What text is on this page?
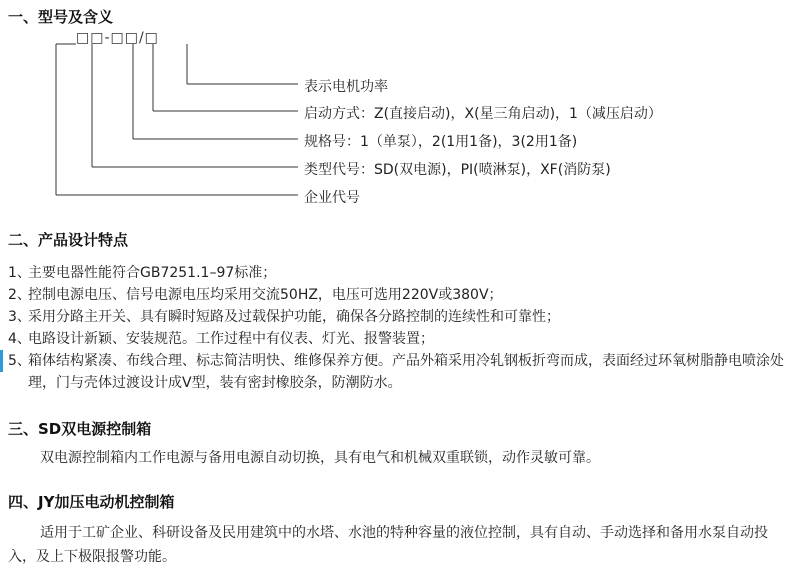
一、型号及含义
□□-□□/□
表示电机功率
启动方式：Z(直接启动)，X(星三角启动)，1（减压启动）
规格号：1（单泵），2(1用1备)，3(2用1备)
类型代号：SD(双电源)，PI(喷淋泵)，XF(消防泵)
企业代号
二、产品设计特点
1、
主要电器性能符合GB7251.1–97标准；
2、
控制电源电压、信号电源电压均采用交流50HZ，电压可选用220V或380V；
3、
采用分路主开关、具有瞬时短路及过载保护功能，确保各分路控制的连续性和可靠性；
4、
电路设计新颖、安装规范。工作过程中有仪表、灯光、报警装置；
5、
箱体结构紧凑、布线合理、标志简洁明快、维修保养方便。产品外箱采用冷轧钢板折弯而成，表面经过环氧树脂静电喷涂处理，门与壳体过渡设计成V型，装有密封橡胶条，防潮防水。
三、SD双电源控制箱
双电源控制箱内工作电源与备用电源自动切换，具有电气和机械双重联锁，动作灵敏可靠。
四、JY加压电动机控制箱
适用于工矿企业、科研设备及民用建筑中的水塔、水池的特种容量的液位控制，具有自动、手动选择和备用水泵自动投入，及上下极限报警功能。
